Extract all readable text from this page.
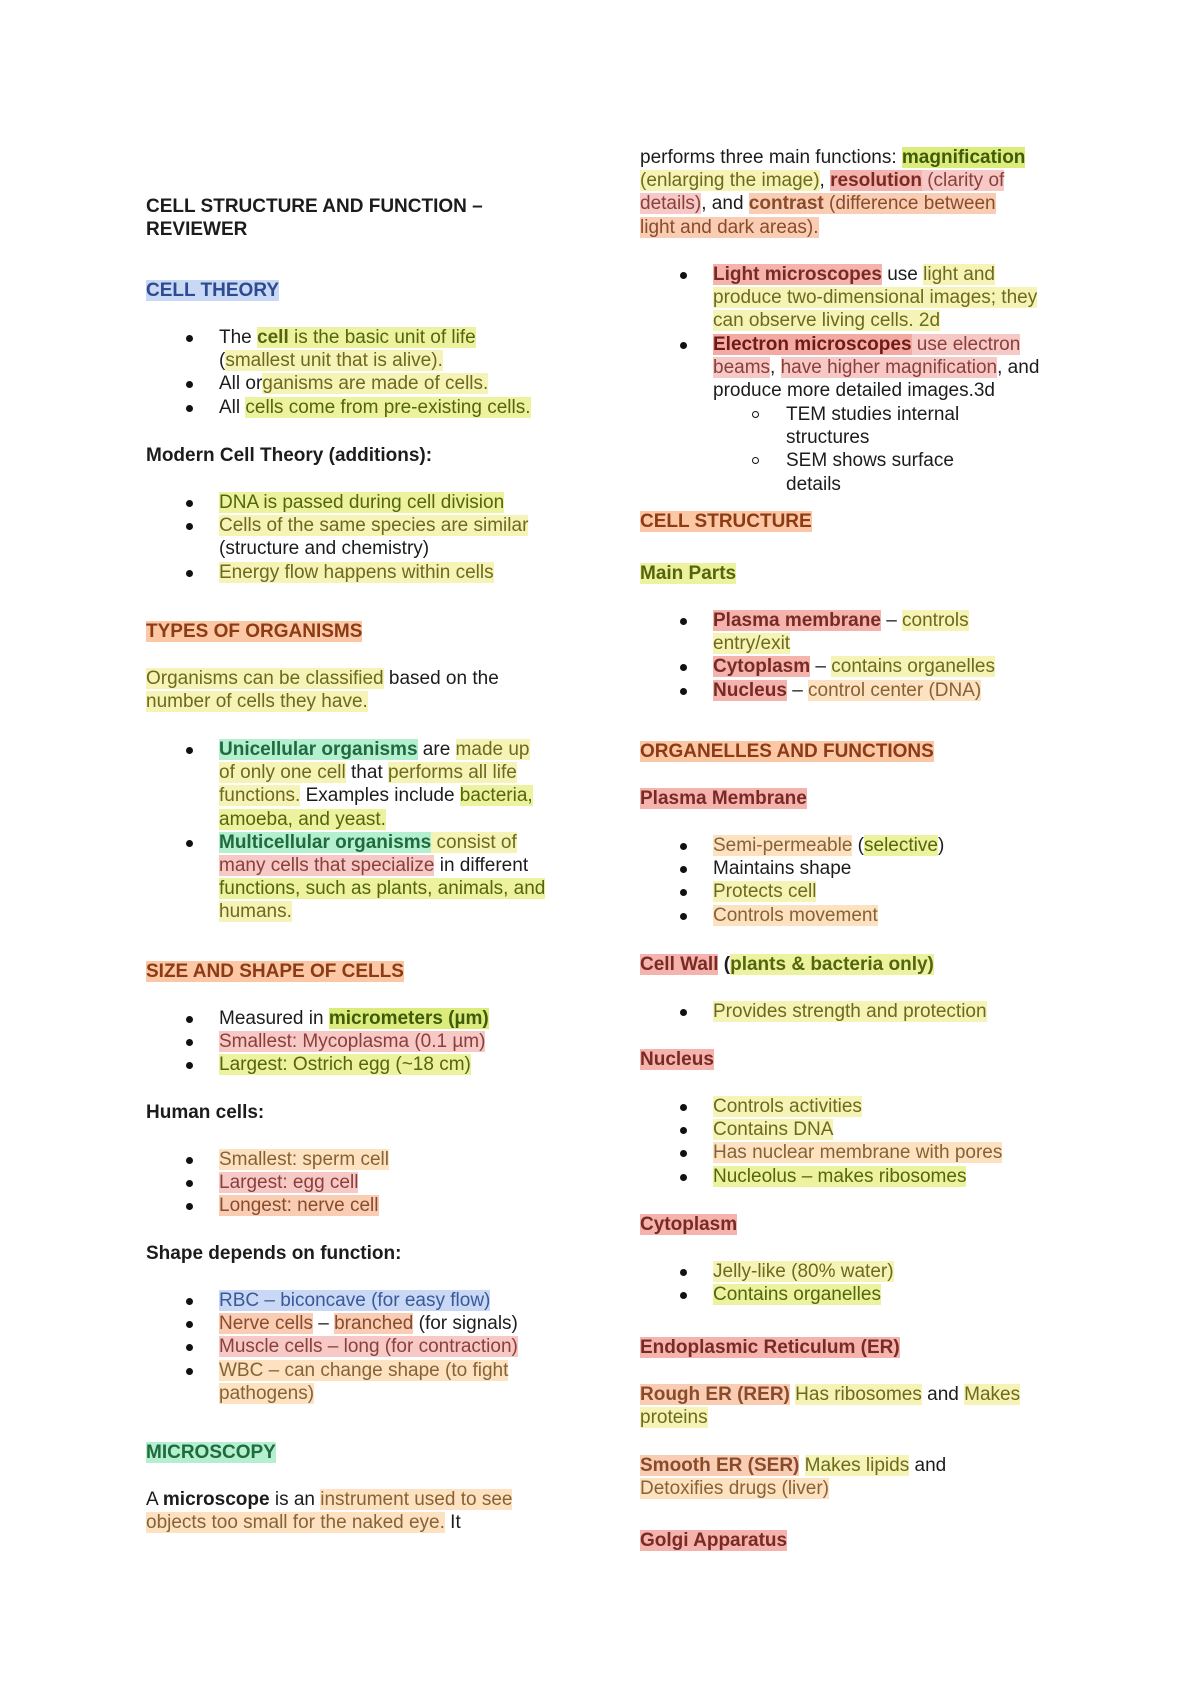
CELL STRUCTURE AND FUNCTION –

REVIEWER

CELL THEORY

The cell is the basic unit of life
(smallest unit that is alive).
All organisms are made of cells.
All cells come from pre-existing cells.

Modern Cell Theory (additions):

DNA is passed during cell division
Cells of the same species are similar
(structure and chemistry)
Energy flow happens within cells

TYPES OF ORGANISMS

Organisms can be classified based on the
number of cells they have.

Unicellular organisms are made up
of only one cell that performs all life
functions. Examples include bacteria,
amoeba, and yeast.
Multicellular organisms consist of
many cells that specialize in different
functions, such as plants, animals, and
humans.

SIZE AND SHAPE OF CELLS

Measured in micrometers (µm)
Smallest: Mycoplasma (0.1 µm)
Largest: Ostrich egg (~18 cm)

Human cells:

Smallest: sperm cell
Largest: egg cell
Longest: nerve cell

Shape depends on function:

RBC – biconcave (for easy flow)
Nerve cells – branched (for signals)
Muscle cells – long (for contraction)
WBC – can change shape (to fight
pathogens)

MICROSCOPY

A microscope is an instrument used to see
objects too small for the naked eye. It

performs three main functions: magnification
(enlarging the image), resolution (clarity of
details), and contrast (difference between
light and dark areas).

Light microscopes use light and
produce two-dimensional images; they
can observe living cells. 2d
Electron microscopes use electron
beams, have higher magnification, and
produce more detailed images.3d
TEM studies internal structures
SEM shows surface details

CELL STRUCTURE

Main Parts

Plasma membrane – controls
entry/exit
Cytoplasm – contains organelles
Nucleus – control center (DNA)

ORGANELLES AND FUNCTIONS

Plasma Membrane

Semi-permeable (selective)
Maintains shape
Protects cell
Controls movement

Cell Wall (plants & bacteria only)

Provides strength and protection

Nucleus

Controls activities
Contains DNA
Has nuclear membrane with pores
Nucleolus – makes ribosomes

Cytoplasm

Jelly-like (80% water)
Contains organelles

Endoplasmic Reticulum (ER)

Rough ER (RER) Has ribosomes and Makes
proteins

Smooth ER (SER) Makes lipids and
Detoxifies drugs (liver)

Golgi Apparatus
